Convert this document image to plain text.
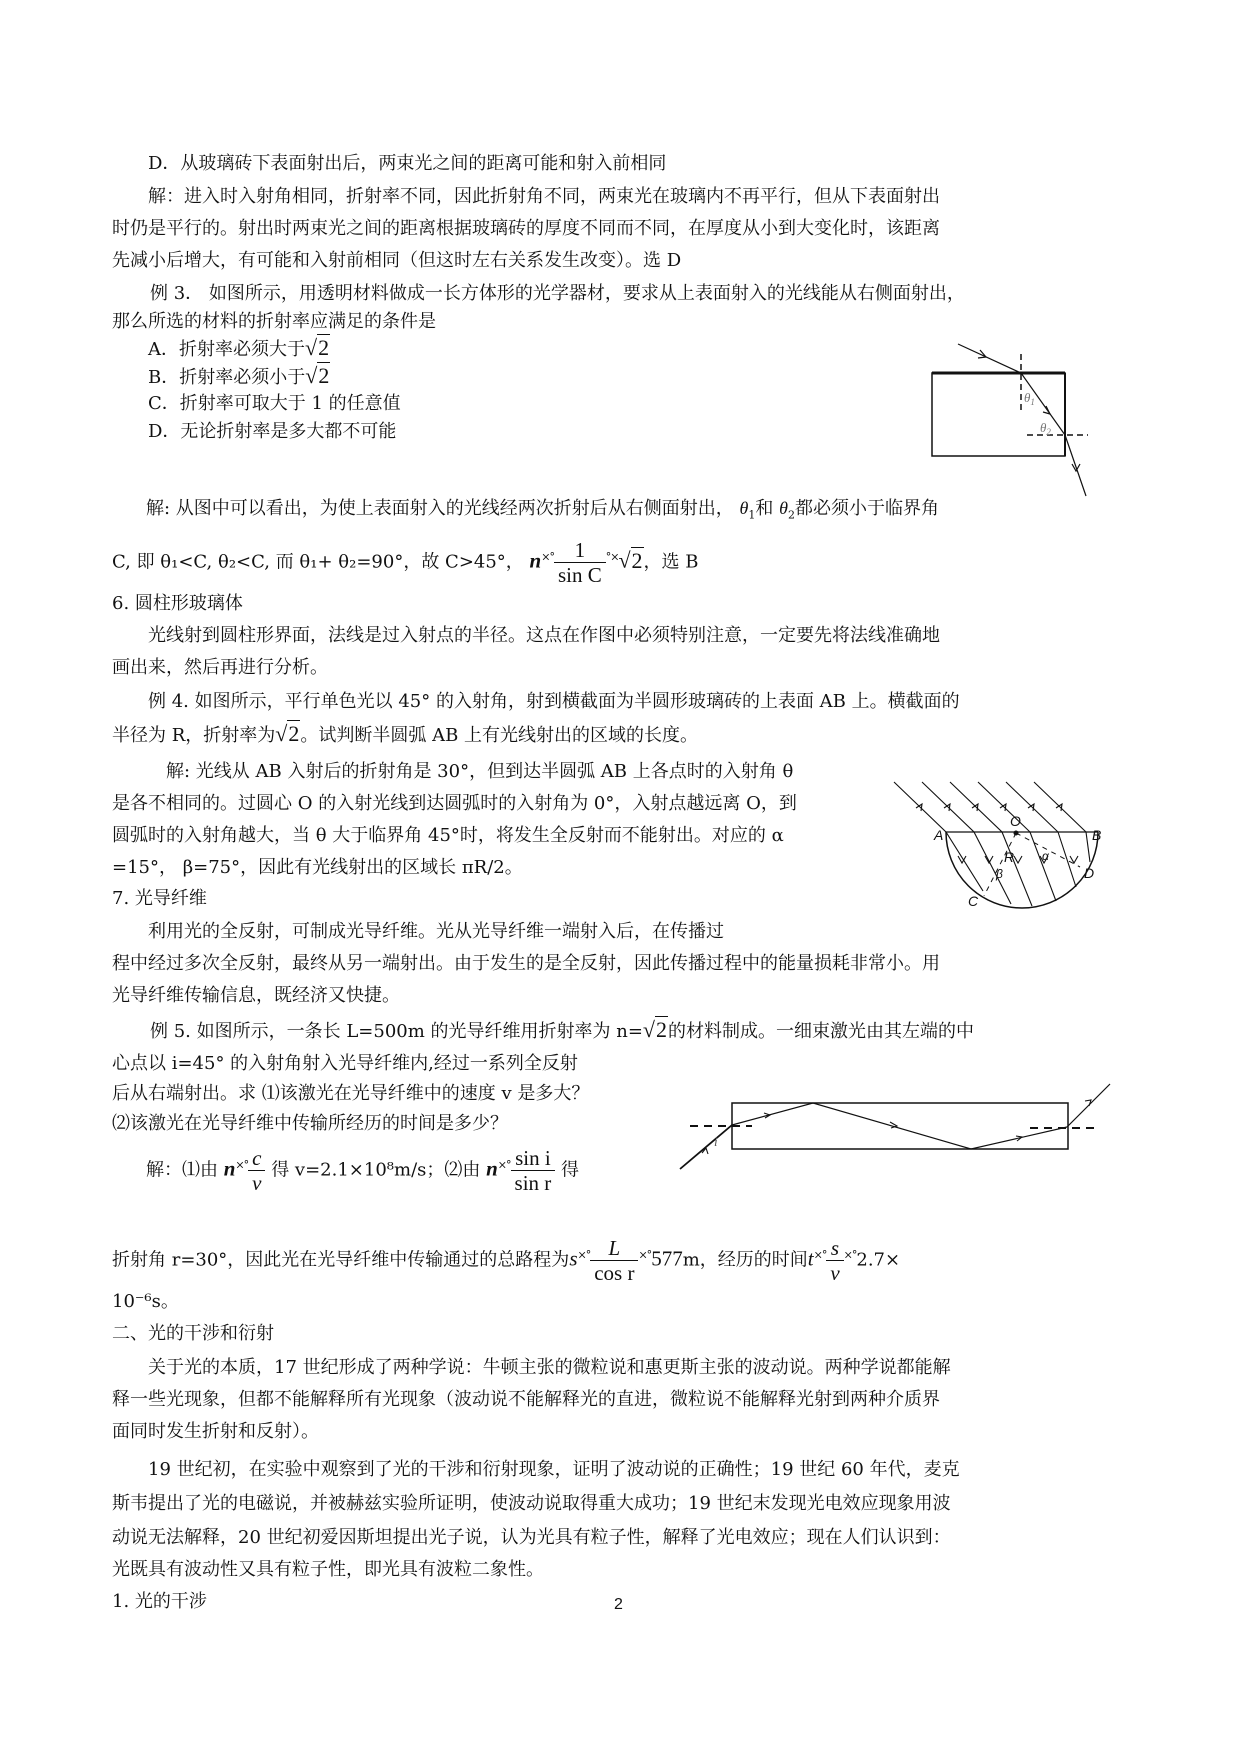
D．从玻璃砖下表面射出后，两束光之间的距离可能和射入前相同
解：进入时入射角相同，折射率不同，因此折射角不同，两束光在玻璃内不再平行，但从下表面射出
时仍是平行的。射出时两束光之间的距离根据玻璃砖的厚度不同而不同，在厚度从小到大变化时，该距离
先减小后增大，有可能和入射前相同（但这时左右关系发生改变）。选 D
例 3． 如图所示，用透明材料做成一长方体形的光学器材，要求从上表面射入的光线能从右侧面射出，
那么所选的材料的折射率应满足的条件是
A．折射率必须大于√2
B．折射率必须小于√2
C．折射率可取大于 1 的任意值
D．无论折射率是多大都不可能
$\theta_1$
$\theta_2$
解: 从图中可以看出，为使上表面射入的光线经两次折射后从右侧面射出， $\theta_1$和 $\theta_2$都必须小于临界角
C, 即 θ₁<C, θ₂<C, 而 θ₁+ θ₂=90°，故 C>45°， $n^{\times^\circ} \frac{1}{\text{sin C}} ^{^\circ\times}√2$，选 B
6. 圆柱形玻璃体
光线射到圆柱形界面，法线是过入射点的半径。这点在作图中必须特别注意，一定要先将法线准确地
画出来，然后再进行分析。
例 4. 如图所示，平行单色光以 45° 的入射角，射到横截面为半圆形玻璃砖的上表面 AB 上。横截面的
半径为 R，折射率为√2。试判断半圆弧 AB 上有光线射出的区域的长度。
解: 光线从 AB 入射后的折射角是 30°，但到达半圆弧 AB 上各点时的入射角 θ
是各不相同的。过圆心 O 的入射光线到达圆弧时的入射角为 0°，入射点越远离 O，到
圆弧时的入射角越大，当 θ 大于临界角 45°时，将发生全反射而不能射出。对应的 α
=15°， β=75°，因此有光线射出的区域长 πR/2。
A	B
O
C
D
R α
β
7. 光导纤维
利用光的全反射，可制成光导纤维。光从光导纤维一端射入后，在传播过
程中经过多次全反射，最终从另一端射出。由于发生的是全反射，因此传播过程中的能量损耗非常小。用
光导纤维传输信息，既经济又快捷。
例 5. 如图所示，一条长 L=500m 的光导纤维用折射率为 n=√2的材料制成。一细束激光由其左端的中
心点以 i=45° 的入射角射入光导纤维内,经过一系列全反射
后从右端射出。求 ⑴该激光在光导纤维中的速度 v 是多大？
⑵该激光在光导纤维中传输所经历的时间是多少？
i
解：⑴由 $n^{\times^\circ} \frac{c}{v}$ 得 v=2.1×10⁸m/s；⑵由 $n^{\times^\circ} \frac{\text{sin i}}{\text{sin r}}$ 得
折射角 r=30°，因此光在光导纤维中传输通过的总路程为$s^{\times^\circ} \frac{L}{\text{cos r}} ^{\times^\circ}577m$，经历的时间$t^{\times^\circ} \frac{s}{v} ^{\times^\circ}2.7\times$
10⁻⁶s。
二、光的干涉和衍射
关于光的本质，17 世纪形成了两种学说：牛顿主张的微粒说和惠更斯主张的波动说。两种学说都能解
释一些光现象，但都不能解释所有光现象（波动说不能解释光的直进，微粒说不能解释光射到两种介质界
面同时发生折射和反射）。
19 世纪初，在实验中观察到了光的干涉和衍射现象，证明了波动说的正确性；19 世纪 60 年代，麦克
斯韦提出了光的电磁说，并被赫兹实验所证明，使波动说取得重大成功；19 世纪末发现光电效应现象用波
动说无法解释，20 世纪初爱因斯坦提出光子说，认为光具有粒子性，解释了光电效应；现在人们认识到：
光既具有波动性又具有粒子性，即光具有波粒二象性。
1. 光的干涉	2
